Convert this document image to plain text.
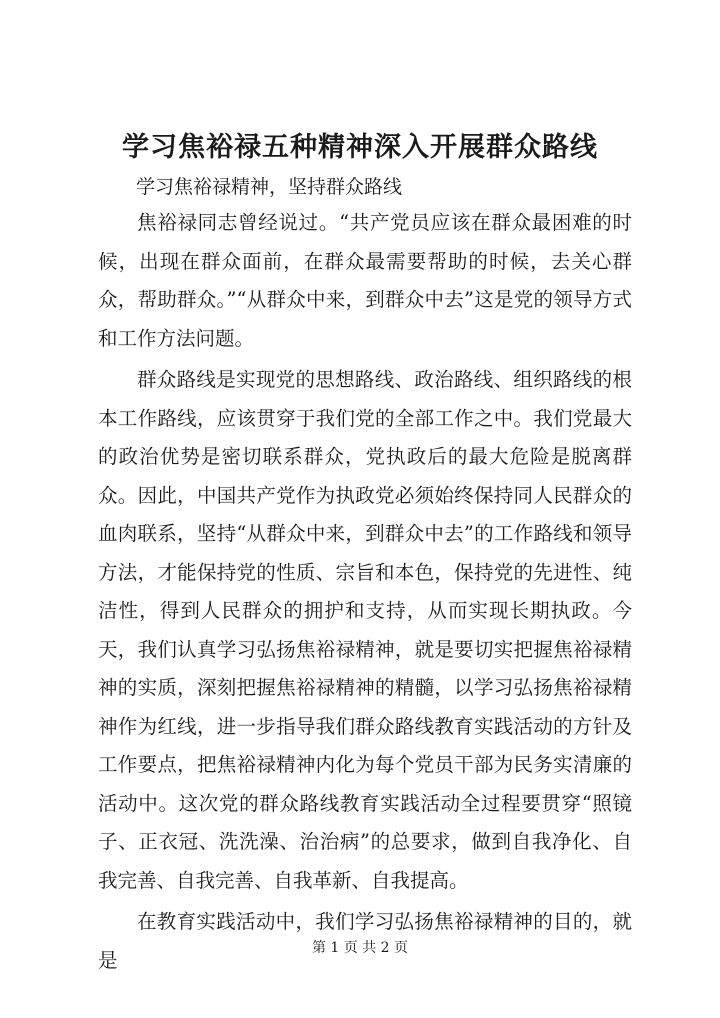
学习焦裕禄五种精神深入开展群众路线

学习焦裕禄精神，坚持群众路线

焦裕禄同志曾经说过。“共产党员应该在群众最困难的时候，出现在群众面前，在群众最需要帮助的时候，去关心群众，帮助群众。”“从群众中来，到群众中去”这是党的领导方式和工作方法问题。

群众路线是实现党的思想路线、政治路线、组织路线的根本工作路线，应该贯穿于我们党的全部工作之中。我们党最大的政治优势是密切联系群众，党执政后的最大危险是脱离群众。因此，中国共产党作为执政党必须始终保持同人民群众的血肉联系，坚持“从群众中来，到群众中去”的工作路线和领导方法，才能保持党的性质、宗旨和本色，保持党的先进性、纯洁性，得到人民群众的拥护和支持，从而实现长期执政。今天，我们认真学习弘扬焦裕禄精神，就是要切实把握焦裕禄精神的实质，深刻把握焦裕禄精神的精髓，以学习弘扬焦裕禄精神作为红线，进一步指导我们群众路线教育实践活动的方针及工作要点，把焦裕禄精神内化为每个党员干部为民务实清廉的活动中。这次党的群众路线教育实践活动全过程要贯穿“照镜子、正衣冠、洗洗澡、治治病”的总要求，做到自我净化、自我完善、自我完善、自我革新、自我提高。

在教育实践活动中，我们学习弘扬焦裕禄精神的目的，就是

第 1 页 共 2 页
